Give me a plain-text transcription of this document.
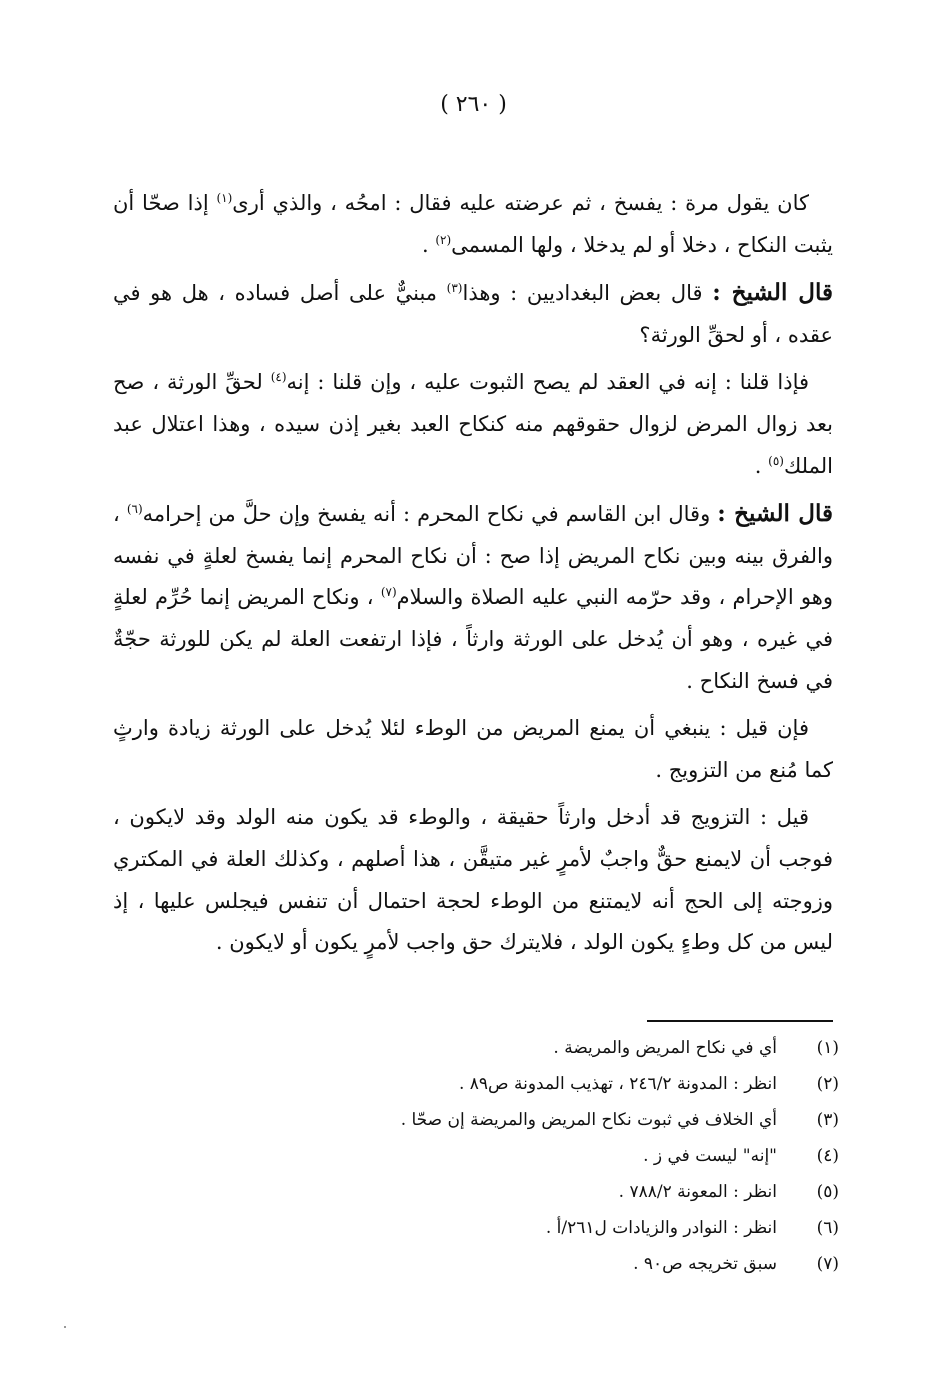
( ٢٦٠ )

كان يقول مرة : يفسخ ، ثم عرضته عليه فقال : امحُه ، والذي أرى$^{(١)}$ إذا صحّا أن يثبت النكاح ، دخلا أو لم يدخلا ، ولها المسمى$^{(٢)}$ .

قال الشيخ : قال بعض البغداديين : وهذا$^{(٣)}$ مبنيٌّ على أصل فساده ، هل هو في عقده ، أو لحقِّ الورثة؟

فإذا قلنا : إنه في العقد لم يصح الثبوت عليه ، وإن قلنا : إنه$^{(٤)}$ لحقِّ الورثة ، صح بعد زوال المرض لزوال حقوقهم منه كنكاح العبد بغير إذن سيده ، وهذا اعتلال عبد الملك$^{(٥)}$ .

قال الشيخ : وقال ابن القاسم في نكاح المحرم : أنه يفسخ وإن حلَّ من إحرامه$^{(٦)}$ ، والفرق بينه وبين نكاح المريض إذا صح : أن نكاح المحرم إنما يفسخ لعلةٍ في نفسه وهو الإحرام ، وقد حرّمه النبي عليه الصلاة والسلام$^{(٧)}$ ، ونكاح المريض إنما حُرِّم لعلةٍ في غيره ، وهو أن يُدخل على الورثة وارثاً ، فإذا ارتفعت العلة لم يكن للورثة حجّةٌ في فسخ النكاح .

فإن قيل : ينبغي أن يمنع المريض من الوطء لئلا يُدخل على الورثة زيادة وارثٍ كما مُنع من التزويج .

قيل : التزويج قد أدخل وارثاً حقيقة ، والوطء قد يكون منه الولد وقد لايكون ، فوجب أن لايمنع حقٌّ واجبٌ لأمرٍ غير متيقَّن ، هذا أصلهم ، وكذلك العلة في المكتري وزوجته إلى الحج أنه لايمتنع من الوطء لحجة احتمال أن تنفس فيجلس عليها ، إذ ليس من كل وطءٍ يكون الولد ، فلايترك حق واجب لأمرٍ يكون أو لايكون .

(١)
أي في نكاح المريض والمريضة .
(٢)
انظر : المدونة ٢٤٦/٢ ، تهذيب المدونة ص٨٩ .
(٣)
أي الخلاف في ثبوت نكاح المريض والمريضة إن صحّا .
(٤)
"إنه" ليست في ز .
(٥)
انظر : المعونة ٧٨٨/٢ .
(٦)
انظر : النوادر والزيادات ل٢٦١/أ .
(٧)
سبق تخريجه ص٩٠ .
